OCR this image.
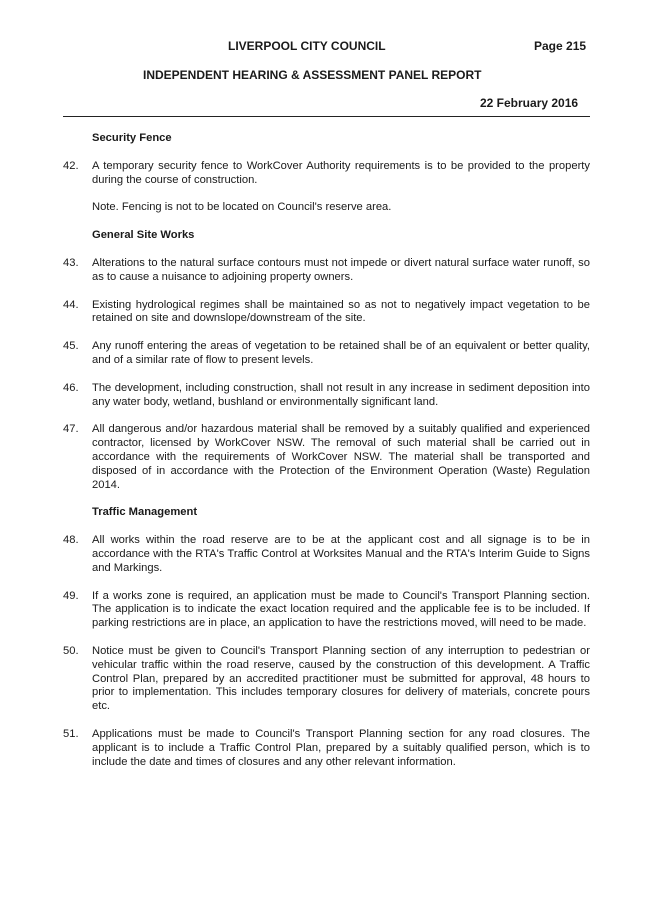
LIVERPOOL CITY COUNCIL	Page 215
INDEPENDENT HEARING & ASSESSMENT PANEL REPORT
22 February 2016
Security Fence
42.	A temporary security fence to WorkCover Authority requirements is to be provided to the property during the course of construction.
Note. Fencing is not to be located on Council's reserve area.
General Site Works
43.	Alterations to the natural surface contours must not impede or divert natural surface water runoff, so as to cause a nuisance to adjoining property owners.
44.	Existing hydrological regimes shall be maintained so as not to negatively impact vegetation to be retained on site and downslope/downstream of the site.
45.	Any runoff entering the areas of vegetation to be retained shall be of an equivalent or better quality, and of a similar rate of flow to present levels.
46.	The development, including construction, shall not result in any increase in sediment deposition into any water body, wetland, bushland or environmentally significant land.
47.	All dangerous and/or hazardous material shall be removed by a suitably qualified and experienced contractor, licensed by WorkCover NSW. The removal of such material shall be carried out in accordance with the requirements of WorkCover NSW. The material shall be transported and disposed of in accordance with the Protection of the Environment Operation (Waste) Regulation 2014.
Traffic Management
48.	All works within the road reserve are to be at the applicant cost and all signage is to be in accordance with the RTA's Traffic Control at Worksites Manual and the RTA's Interim Guide to Signs and Markings.
49.	If a works zone is required, an application must be made to Council's Transport Planning section. The application is to indicate the exact location required and the applicable fee is to be included. If parking restrictions are in place, an application to have the restrictions moved, will need to be made.
50.	Notice must be given to Council's Transport Planning section of any interruption to pedestrian or vehicular traffic within the road reserve, caused by the construction of this development. A Traffic Control Plan, prepared by an accredited practitioner must be submitted for approval, 48 hours to prior to implementation. This includes temporary closures for delivery of materials, concrete pours etc.
51.	Applications must be made to Council's Transport Planning section for any road closures. The applicant is to include a Traffic Control Plan, prepared by a suitably qualified person, which is to include the date and times of closures and any other relevant information.
